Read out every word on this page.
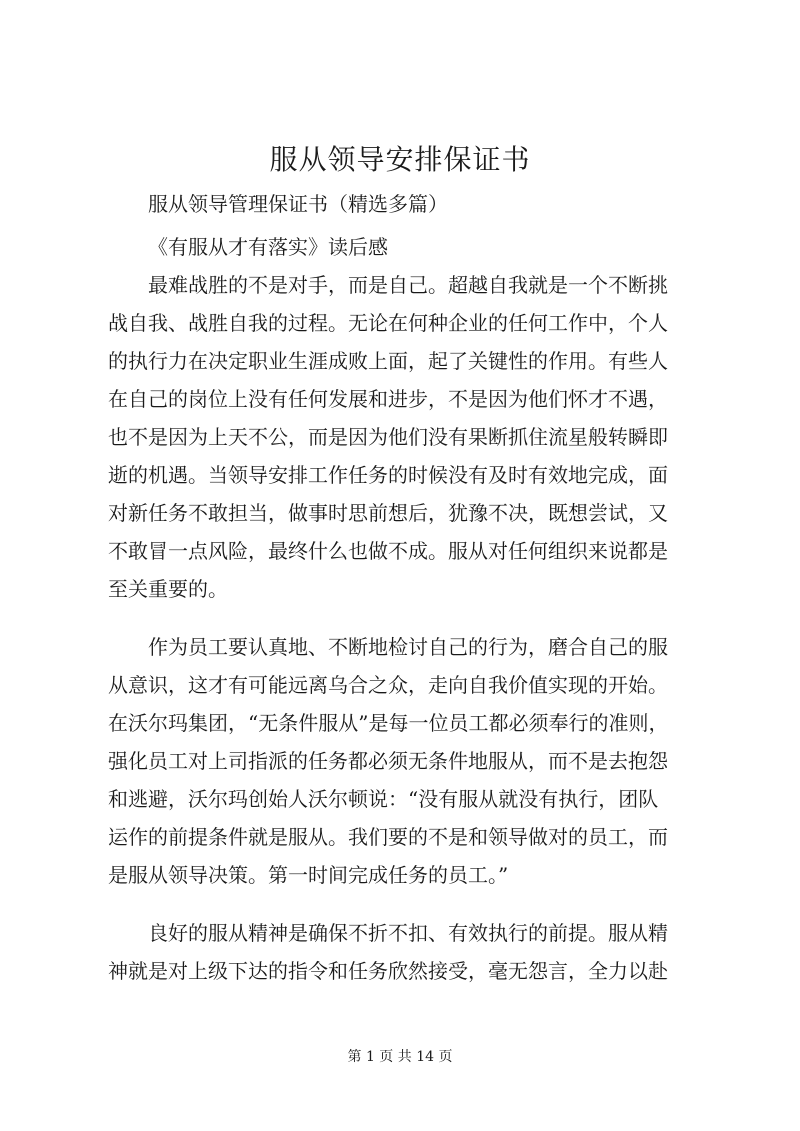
服从领导安排保证书

服从领导管理保证书（精选多篇）

《有服从才有落实》读后感

最难战胜的不是对手，而是自己。超越自我就是一个不断挑

战自我、战胜自我的过程。无论在何种企业的任何工作中，个人

的执行力在决定职业生涯成败上面，起了关键性的作用。有些人

在自己的岗位上没有任何发展和进步，不是因为他们怀才不遇，

也不是因为上天不公，而是因为他们没有果断抓住流星般转瞬即

逝的机遇。当领导安排工作任务的时候没有及时有效地完成，面

对新任务不敢担当，做事时思前想后，犹豫不决，既想尝试，又

不敢冒一点风险，最终什么也做不成。服从对任何组织来说都是

至关重要的。

作为员工要认真地、不断地检讨自己的行为，磨合自己的服

从意识，这才有可能远离乌合之众，走向自我价值实现的开始。

在沃尔玛集团，“无条件服从”是每一位员工都必须奉行的准则，

强化员工对上司指派的任务都必须无条件地服从，而不是去抱怨

和逃避，沃尔玛创始人沃尔顿说：“没有服从就没有执行，团队

运作的前提条件就是服从。我们要的不是和领导做对的员工，而

是服从领导决策。第一时间完成任务的员工。”

良好的服从精神是确保不折不扣、有效执行的前提。服从精

神就是对上级下达的指令和任务欣然接受，毫无怨言，全力以赴

第 1 页 共 14 页
